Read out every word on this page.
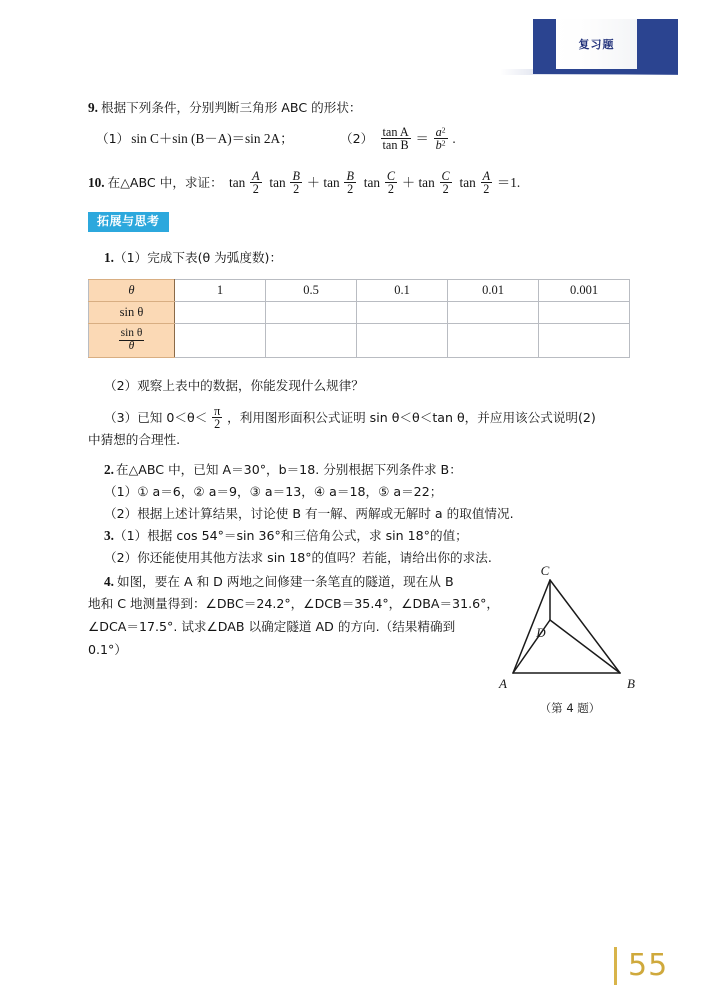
复习题
9. 根据下列条件，分别判断三角形 ABC 的形状：
（1） sin C＋sin (B－A)＝sin 2A；	$(2) \frac{\text{tan A}}{\text{tan B}} = \frac{a^2}{b^2}$ .
10. 在△ABC 中，求证： $\tan \frac{A}{2}$ $\tan \frac{B}{2} + \tan \frac{B}{2}$ $\tan \frac{C}{2} + \tan \frac{C}{2}$ $\tan \frac{A}{2} =1$.
拓展与思考
1.（1）完成下表(θ 为弧度数)：
θ	1	0.5	0.1	0.01	0.001
sin θ					

$\frac{\text{sin θ}}{\theta}$

（2）观察上表中的数据，你能发现什么规律？
（3）已知 $0<\theta< \frac{\pi}{2}$ ，利用图形面积公式证明 sin θ＜θ＜tan θ，并应用该公式说明(2)
中猜想的合理性.
2. 在△ABC 中，已知 A＝30°，b＝18. 分别根据下列条件求 B：
（1）① a＝6，② a＝9，③ a＝13，④ a＝18，⑤ a＝22；
（2）根据上述计算结果，讨论使 B 有一解、两解或无解时 a 的取值情况.
3.（1）根据 cos 54°＝sin 36°和三倍角公式，求 sin 18°的值；
（2）你还能使用其他方法求 sin 18°的值吗？若能，请给出你的求法.
4. 如图，要在 A 和 D 两地之间修建一条笔直的隧道，现在从 B
地和 C 地测量得到：∠DBC＝24.2°，∠DCB＝35.4°，∠DBA＝31.6°，
∠DCA＝17.5°. 试求∠DAB 以确定隧道 AD 的方向.（结果精确到
0.1°）
C
A	B
D
（第 4 题）
55
